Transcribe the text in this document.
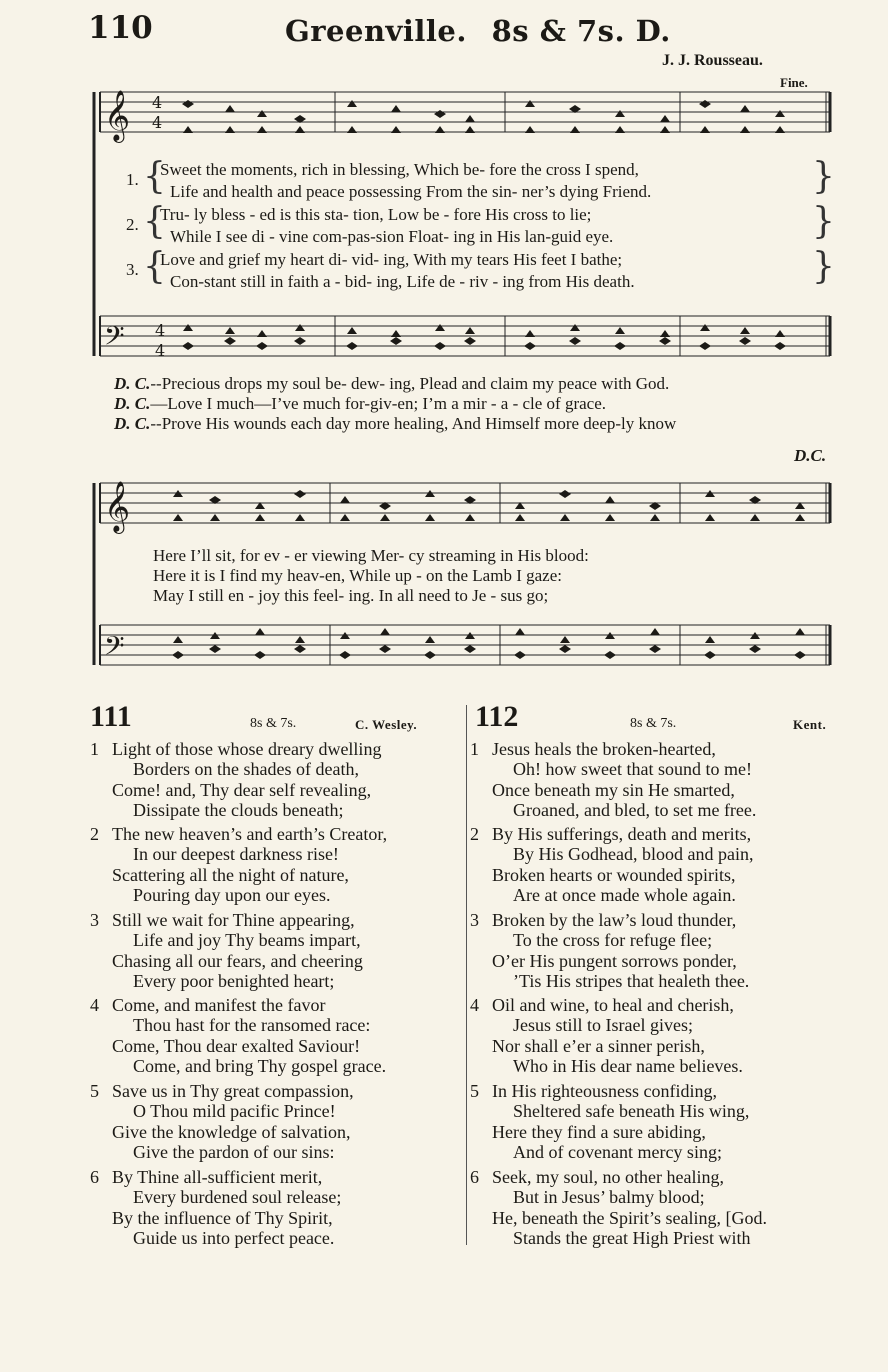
110	Greenville. 8s & 7s. D.
J. J. Rousseau.
Fine.
D.C.
𝄞
𝄞
𝄢
𝄢
4
4
4
4
1. {
Sweet the moments, rich in blessing, Which be- fore the cross I spend,
Life and health and peace possessing From the sin- ner’s dying Friend.	}
2. {
Tru- ly bless - ed is this sta- tion, Low be - fore His cross to lie;
While I see di - vine com-pas-sion Float- ing in His lan-guid eye.	}
3. {
Love and grief my heart di- vid- ing, With my tears His feet I bathe;
Con-stant still in faith a - bid- ing, Life de - riv - ing from His death.	}
D. C.--Precious drops my soul be- dew- ing, Plead and claim my peace with God.
D. C.—Love I much—I’ve much for-giv-en; I’m a mir - a - cle of grace.
D. C.--Prove His wounds each day more healing, And Himself more deep-ly know
Here I’ll sit, for ev - er viewing Mer- cy streaming in His blood:
Here it is I find my heav-en, While up - on the Lamb I gaze:
May I still en - joy this feel- ing. In all need to Je - sus go;
111	8s & 7s.	C. Wesley. 112	8s & 7s.	Kent.
1 Light of those whose dreary dwelling
Borders on the shades of death,
Come! and, Thy dear self revealing,
Dissipate the clouds beneath;
2 The new heaven’s and earth’s Creator,
In our deepest darkness rise!
Scattering all the night of nature,
Pouring day upon our eyes.
3 Still we wait for Thine appearing,
Life and joy Thy beams impart,
Chasing all our fears, and cheering
Every poor benighted heart;
4 Come, and manifest the favor
Thou hast for the ransomed race:
Come, Thou dear exalted Saviour!
Come, and bring Thy gospel grace.
5 Save us in Thy great compassion,
O Thou mild pacific Prince!
Give the knowledge of salvation,
Give the pardon of our sins:
6 By Thine all-sufficient merit,
Every burdened soul release;
By the influence of Thy Spirit,
Guide us into perfect peace.
1 Jesus heals the broken-hearted,
Oh! how sweet that sound to me!
Once beneath my sin He smarted,
Groaned, and bled, to set me free.
2 By His sufferings, death and merits,
By His Godhead, blood and pain,
Broken hearts or wounded spirits,
Are at once made whole again.
3 Broken by the law’s loud thunder,
To the cross for refuge flee;
O’er His pungent sorrows ponder,
’Tis His stripes that healeth thee.
4 Oil and wine, to heal and cherish,
Jesus still to Israel gives;
Nor shall e’er a sinner perish,
Who in His dear name believes.
5 In His righteousness confiding,
Sheltered safe beneath His wing,
Here they find a sure abiding,
And of covenant mercy sing;
6 Seek, my soul, no other healing,
But in Jesus’ balmy blood;
He, beneath the Spirit’s sealing, [God.
Stands the great High Priest with
